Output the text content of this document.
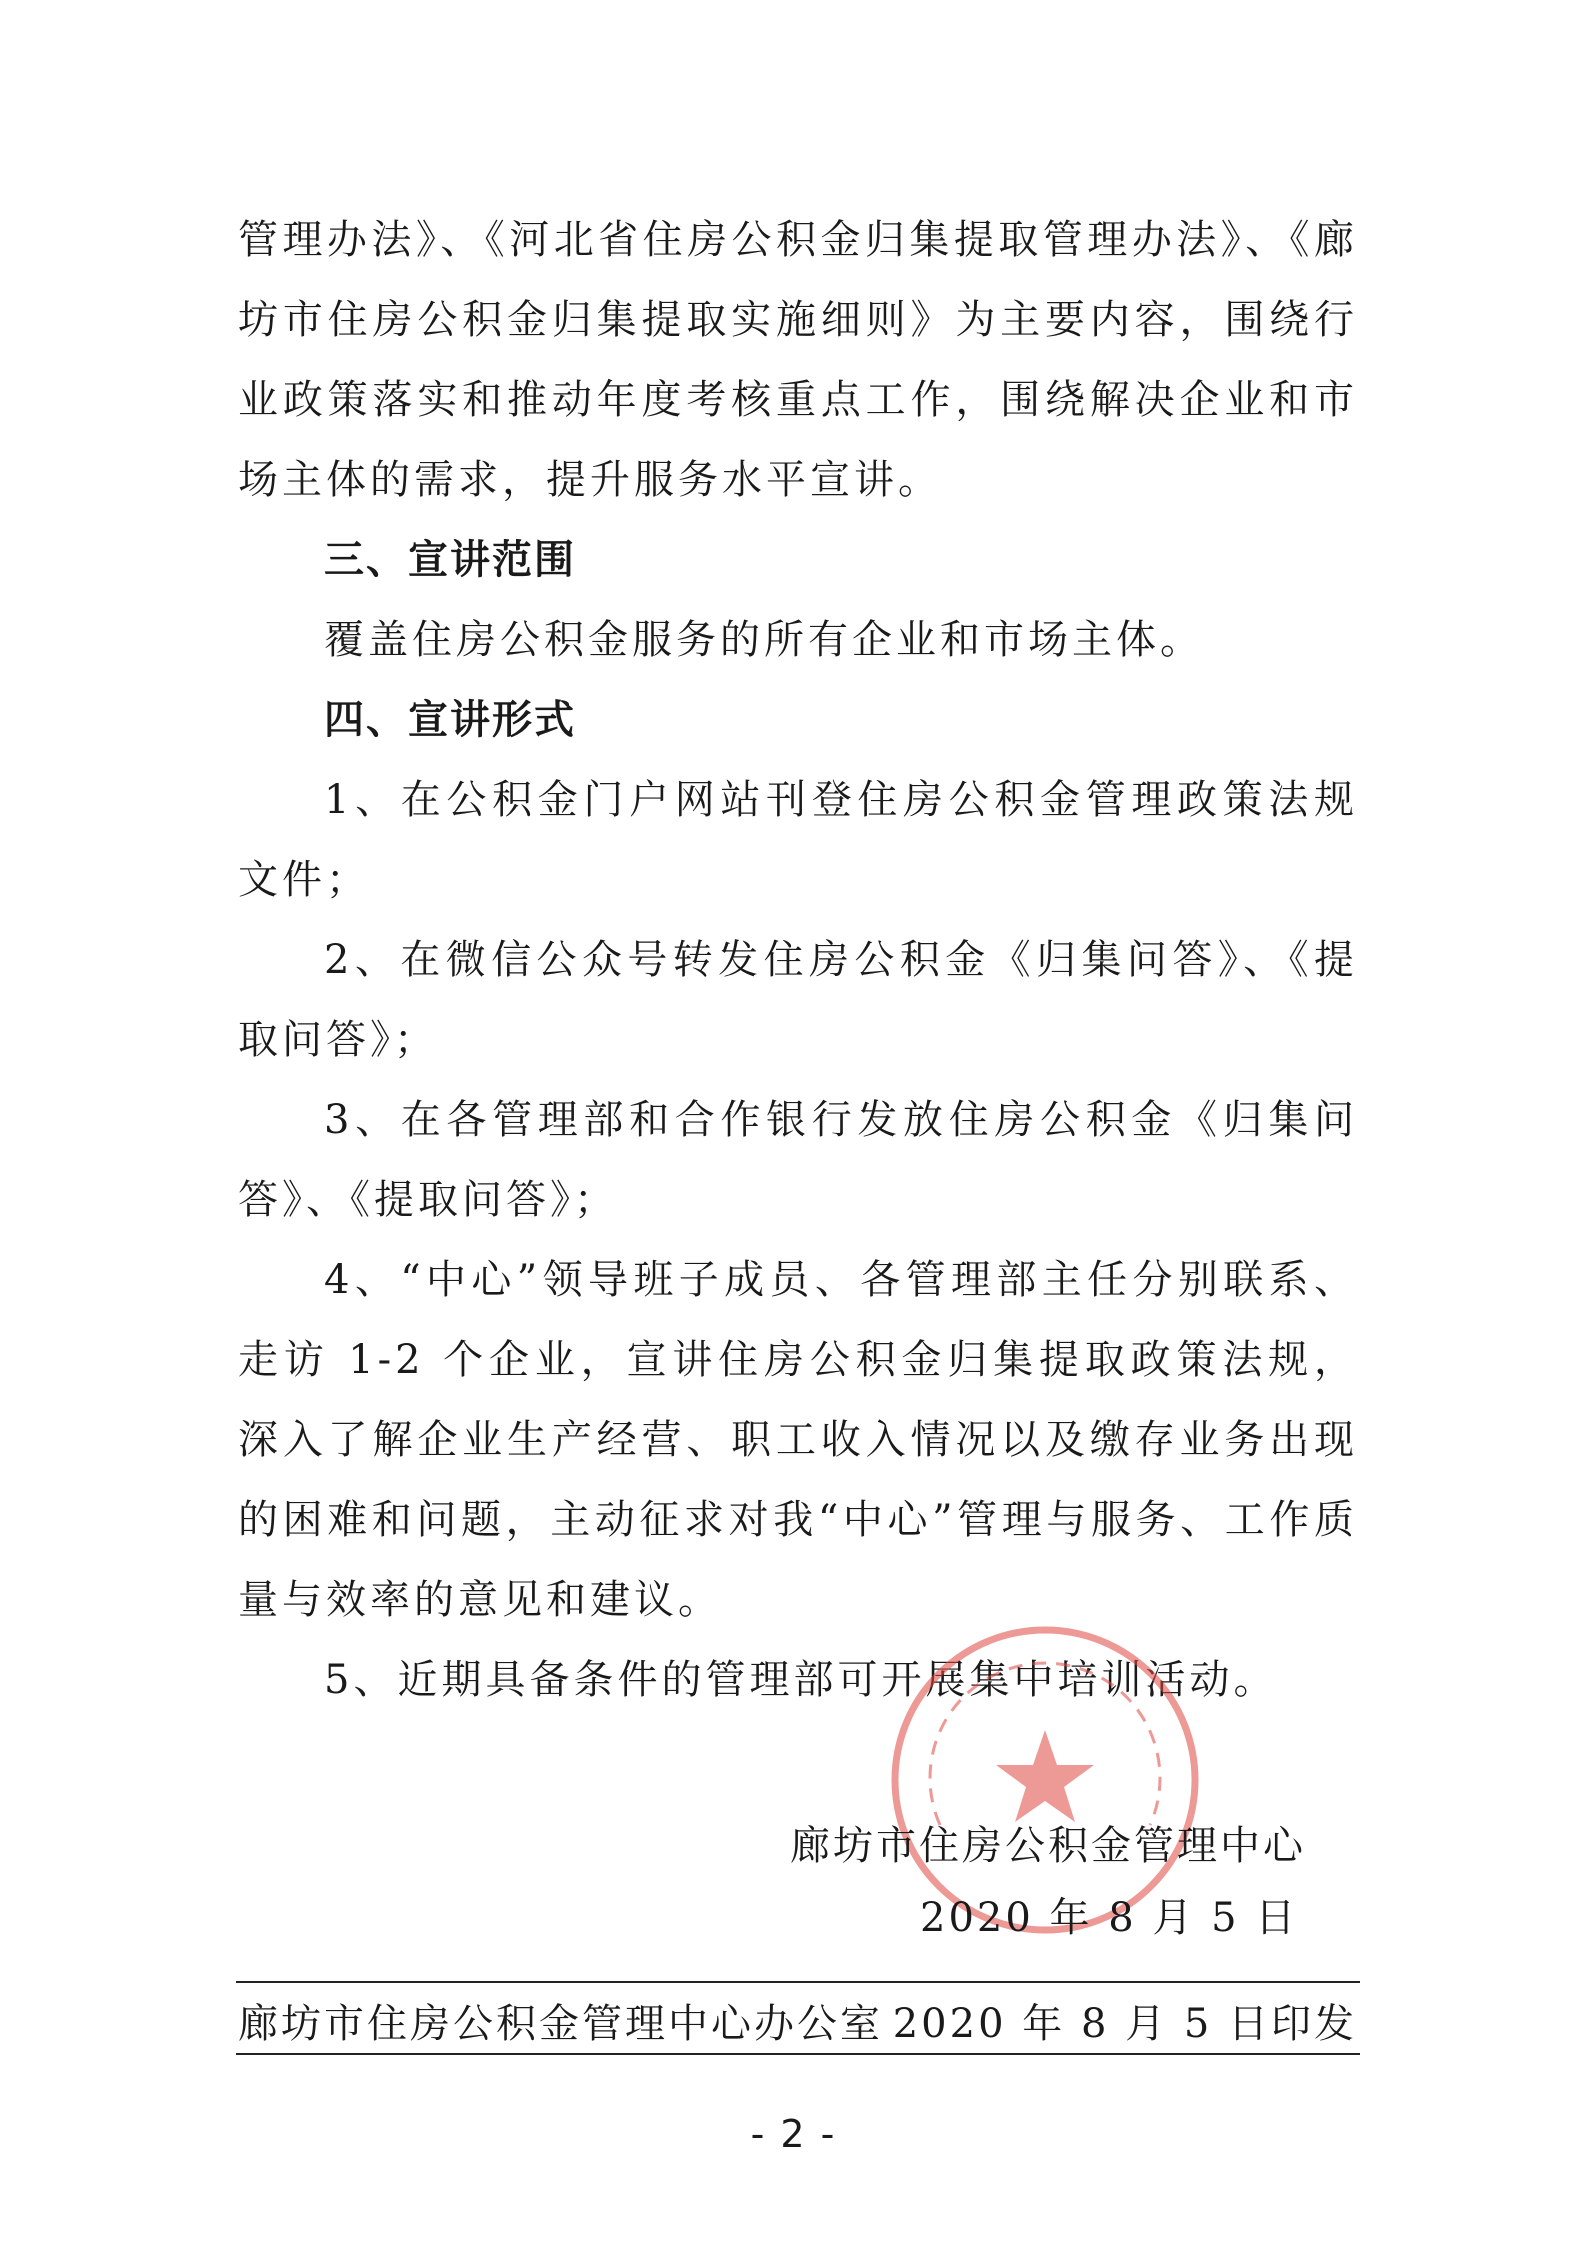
管理办法》、《河北省住房公积金归集提取管理办法》、《廊坊市住房公积金归集提取实施细则》为主要内容，围绕行业政策落实和推动年度考核重点工作，围绕解决企业和市场主体的需求，提升服务水平宣讲。

三、宣讲范围

覆盖住房公积金服务的所有企业和市场主体。

四、宣讲形式

1、在公积金门户网站刊登住房公积金管理政策法规文件；

2、在微信公众号转发住房公积金《归集问答》、《提取问答》；

3、在各管理部和合作银行发放住房公积金《归集问答》、《提取问答》；

4、“中心”领导班子成员、各管理部主任分别联系、走访 1-2 个企业，宣讲住房公积金归集提取政策法规，深入了解企业生产经营、职工收入情况以及缴存业务出现的困难和问题，主动征求对我“中心”管理与服务、工作质量与效率的意见和建议。

5、近期具备条件的管理部可开展集中培训活动。

廊坊市住房公积金管理中心
2020 年 8 月 5 日
廊坊市住房公积金管理中心办公室 2020 年 8 月 5 日印发
- 2 -
